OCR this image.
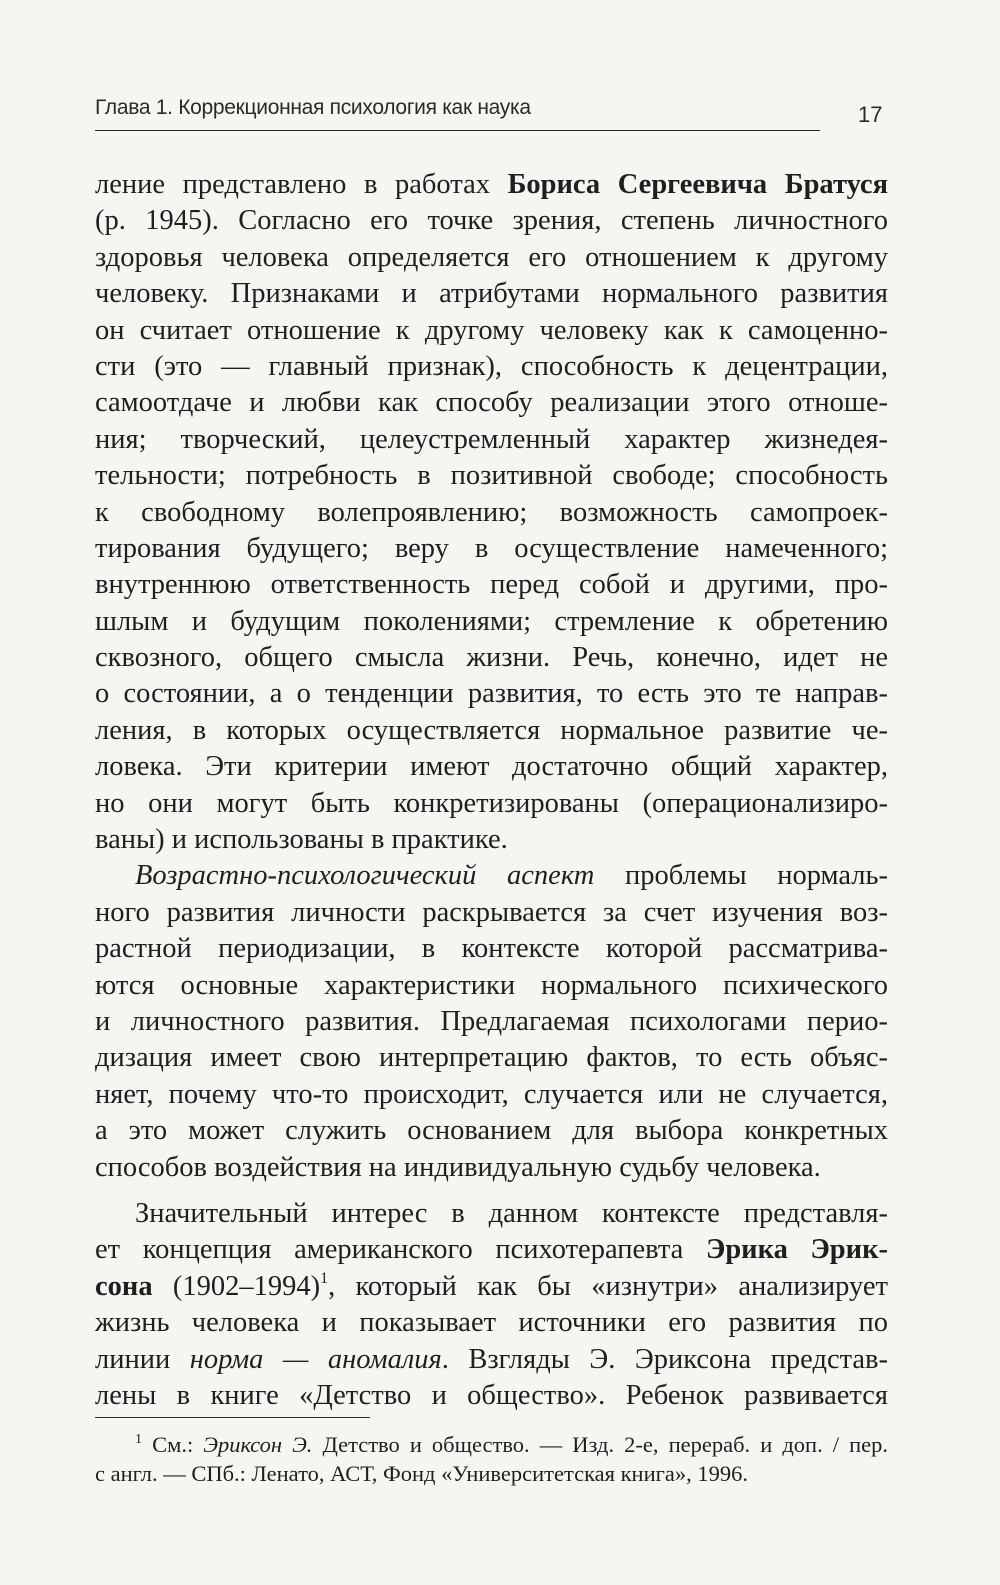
Глава 1. Коррекционная психология как наука	17
ление представлено в работах Бориса Сергеевича Братуся
(р. 1945). Согласно его точке зрения, степень личностного
здоровья человека определяется его отношением к другому
человеку. Признаками и атрибутами нормального развития
он считает отношение к другому человеку как к самоценно-
сти (это — главный признак), способность к децентрации,
самоотдаче и любви как способу реализации этого отноше-
ния; творческий, целеустремленный характер жизнедея-
тельности; потребность в позитивной свободе; способность
к свободному волепроявлению; возможность самопроек-
тирования будущего; веру в осуществление намеченного;
внутреннюю ответственность перед собой и другими, про-
шлым и будущим поколениями; стремление к обретению
сквозного, общего смысла жизни. Речь, конечно, идет не
о состоянии, а о тенденции развития, то есть это те направ-
ления, в которых осуществляется нормальное развитие че-
ловека. Эти критерии имеют достаточно общий характер,
но они могут быть конкретизированы (операционализиро-
ваны) и использованы в практике.
Возрастно-психологический аспект проблемы нормаль-
ного развития личности раскрывается за счет изучения воз-
растной периодизации, в контексте которой рассматрива-
ются основные характеристики нормального психического
и личностного развития. Предлагаемая психологами перио-
дизация имеет свою интерпретацию фактов, то есть объяс-
няет, почему что-то происходит, случается или не случается,
а это может служить основанием для выбора конкретных
способов воздействия на индивидуальную судьбу человека.
Значительный интерес в данном контексте представля-
ет концепция американского психотерапевта Эрика Эрик-
сона (1902–1994)$^1$, который как бы «изнутри» анализирует
жизнь человека и показывает источники его развития по
линии норма — аномалия. Взгляды Э. Эриксона представ-
лены в книге «Детство и общество». Ребенок развивается
$^1$ См.: Эриксон Э. Детство и общество. — Изд. 2-е, перераб. и доп. / пер.
с англ. — СПб.: Ленато, АСТ, Фонд «Университетская книга», 1996.
